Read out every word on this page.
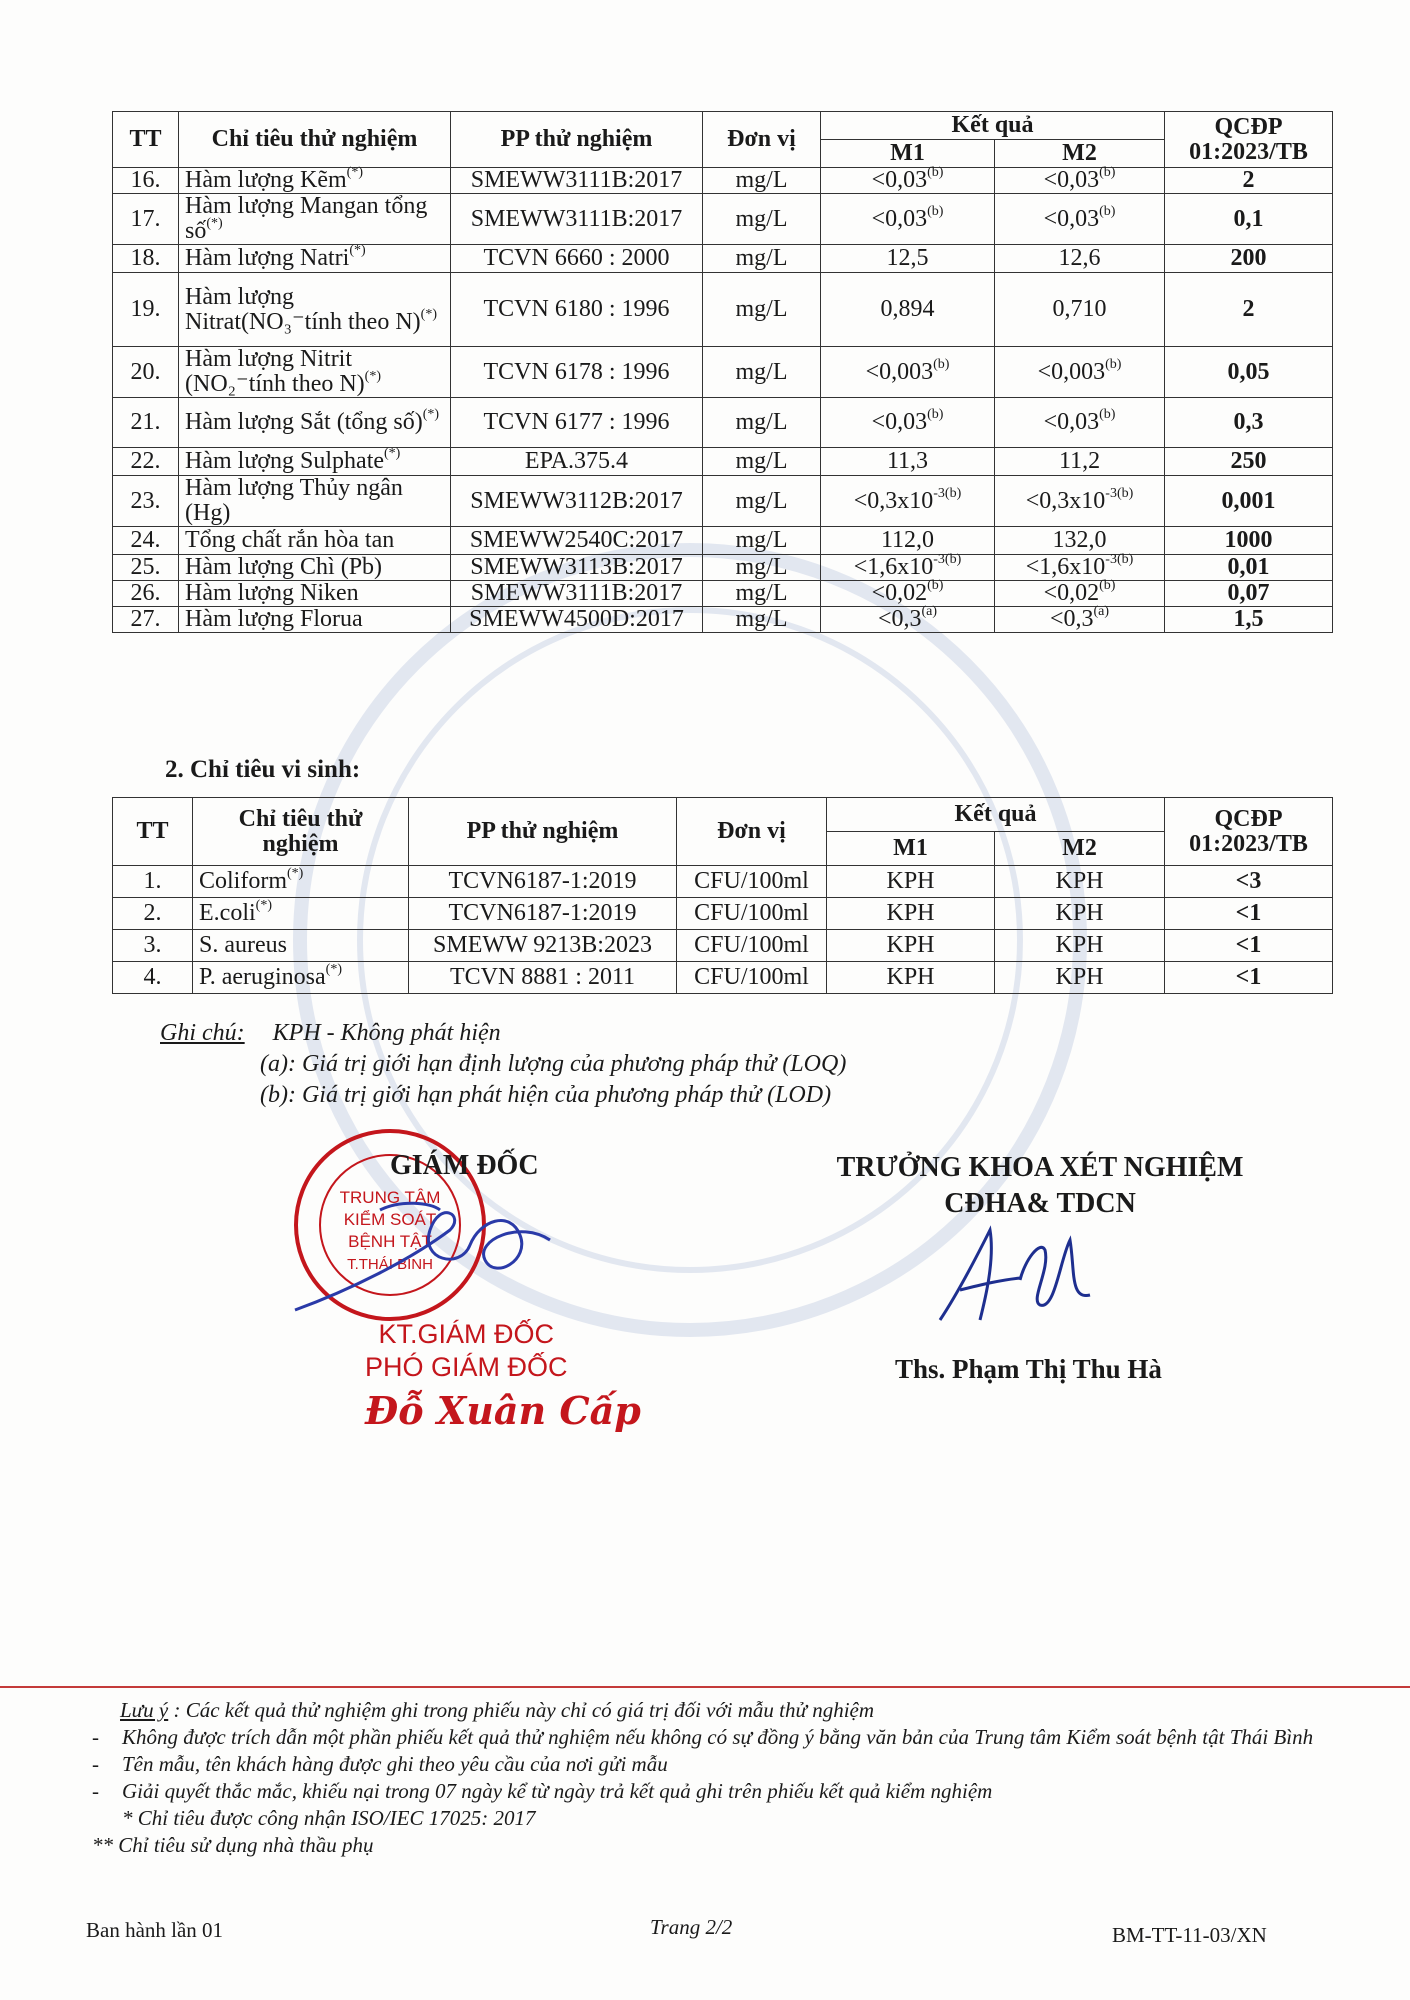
TT	Chỉ tiêu thử nghiệm	PP thử nghiệm	Đơn vị	Kết quả		QCĐP
01:2023/TB
				M1	M2	
16.	Hàm lượng Kẽm(*)	SMEWW3111B:2017	mg/L	$<0,03^{(b)}$	$<0,03^{(b)}$	2
17.	Hàm lượng Mangan tổng số(*)	SMEWW3111B:2017	mg/L	$<0,03^{(b)}$	$<0,03^{(b)}$	0,1
18.	Hàm lượng Natri(*)	TCVN 6660 : 2000	mg/L	12,5	12,6	200
19.	Hàm lượng Nitrat(NO₃⁻tính theo N)(*)	TCVN 6180 : 1996	mg/L	0,894	0,710	2
20.	Hàm lượng Nitrit (NO₂⁻tính theo N)(*)	TCVN 6178 : 1996	mg/L	$<0,003^{(b)}$	$<0,003^{(b)}$	0,05
21.	Hàm lượng Sắt (tổng số)(*)	TCVN 6177 : 1996	mg/L	$<0,03^{(b)}$	$<0,03^{(b)}$	0,3
22.	Hàm lượng Sulphate(*)	EPA.375.4	mg/L	11,3	11,2	250
23.	Hàm lượng Thủy ngân (Hg)	SMEWW3112B:2017	mg/L	$<0,3x10^{-3(b)}$	$<0,3x10^{-3(b)}$	0,001
24.	Tổng chất rắn hòa tan	SMEWW2540C:2017	mg/L	112,0	132,0	1000
25.	Hàm lượng Chì (Pb)	SMEWW3113B:2017	mg/L	$<1,6x10^{-3(b)}$	$<1,6x10^{-3(b)}$	0,01
26.	Hàm lượng Niken	SMEWW3111B:2017	mg/L	$<0,02^{(b)}$	$<0,02^{(b)}$	0,07
27.	Hàm lượng Florua	SMEWW4500D:2017	mg/L	$<0,3^{(a)}$	$<0,3^{(a)}$	1,5
2. Chỉ tiêu vi sinh:
TT	Chỉ tiêu thử nghiệm	PP thử nghiệm	Đơn vị	Kết quả		QCĐP
01:2023/TB
				M1	M2	
1.	Coliform(*)	TCVN6187-1:2019	CFU/100ml	KPH	KPH	<3
2.	E.coli(*)	TCVN6187-1:2019	CFU/100ml	KPH	KPH	<1
3.	S. aureus	SMEWW 9213B:2023	CFU/100ml	KPH	KPH	<1
4.	P. aeruginosa(*)	TCVN 8881 : 2011	CFU/100ml	KPH	KPH	<1
Ghi chú: KPH - Không phát hiện
(a): Giá trị giới hạn định lượng của phương pháp thử (LOQ)
(b): Giá trị giới hạn phát hiện của phương pháp thử (LOD)
TRUNG TÂM
KIỂM SOÁT
BỆNH TẬT
T.THÁI BÌNH
GIÁM ĐỐC
KT.GIÁM ĐỐC
PHÓ GIÁM ĐỐC
Đỗ Xuân Cấp
TRƯỞNG KHOA XÉT NGHIỆM
CĐHA& TDCN
Ths. Phạm Thị Thu Hà
Lưu ý : Các kết quả thử nghiệm ghi trong phiếu này chỉ có giá trị đối với mẫu thử nghiệm
-	Không được trích dẫn một phần phiếu kết quả thử nghiệm nếu không có sự đồng ý bằng văn bản của Trung tâm Kiểm soát bệnh tật Thái Bình
-	Tên mẫu, tên khách hàng được ghi theo yêu cầu của nơi gửi mẫu
-	Giải quyết thắc mắc, khiếu nại trong 07 ngày kể từ ngày trả kết quả ghi trên phiếu kết quả kiểm nghiệm
* Chỉ tiêu được công nhận ISO/IEC 17025: 2017
** Chỉ tiêu sử dụng nhà thầu phụ
Ban hành lần 01	Trang 2/2	BM-TT-11-03/XN
